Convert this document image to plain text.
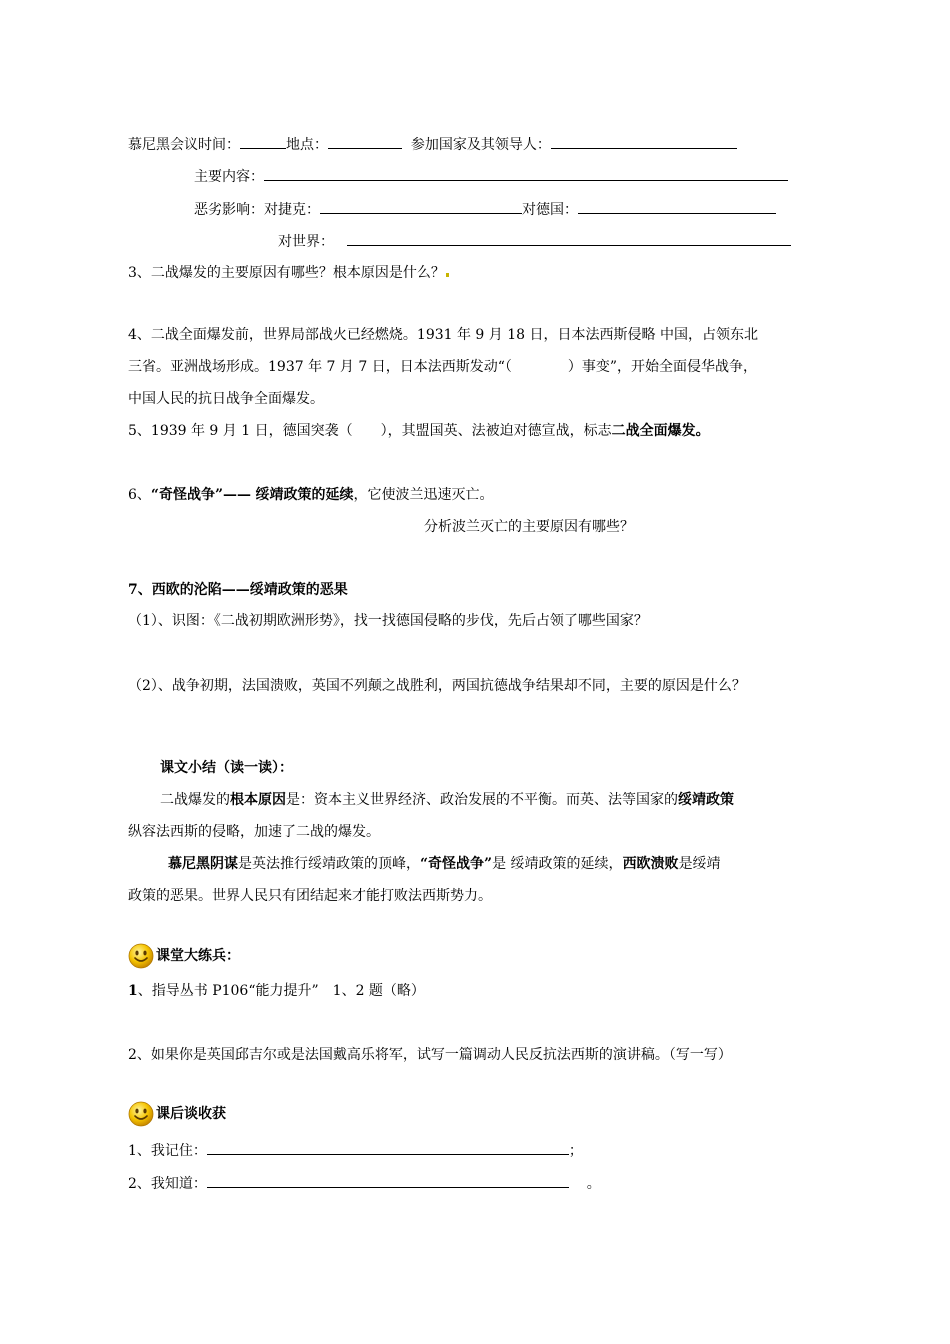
慕尼黑会议时间：	地点：	参加国家及其领导人：
主要内容：
恶劣影响：对捷克：	对德国：
对世界：
3、二战爆发的主要原因有哪些？根本原因是什么？
4、二战全面爆发前，世界局部战火已经燃烧。1931 年 9 月 18 日，日本法西斯侵略 中国，占领东北
三省。亚洲战场形成。1937 年 7 月 7 日，日本法西斯发动“（　　　　）事变”，开始全面侵华战争，
中国人民的抗日战争全面爆发。
5、1939 年 9 月 1 日，德国突袭（　　），其盟国英、法被迫对德宣战，标志二战全面爆发。
6、“奇怪战争”—— 绥靖政策的延续，它使波兰迅速灭亡。
分析波兰灭亡的主要原因有哪些？
7、西欧的沦陷——绥靖政策的恶果
（1）、识图：《二战初期欧洲形势》，找一找德国侵略的步伐，先后占领了哪些国家？
（2）、战争初期，法国溃败，英国不列颠之战胜利，两国抗德战争结果却不同，主要的原因是什么？
课文小结（读一读）：
二战爆发的根本原因是：资本主义世界经济、政治发展的不平衡。而英、法等国家的绥靖政策
纵容法西斯的侵略，加速了二战的爆发。
慕尼黑阴谋是英法推行绥靖政策的顶峰，“奇怪战争”是 绥靖政策的延续，西欧溃败是绥靖
政策的恶果。世界人民只有团结起来才能打败法西斯势力。
课堂大练兵：
1、指导丛书 P106“能力提升”　1、2 题（略）
2、如果你是英国邱吉尔或是法国戴高乐将军，试写一篇调动人民反抗法西斯的演讲稿。（写一写）
课后谈收获
1、我记住：	；
2、我知道：	。
